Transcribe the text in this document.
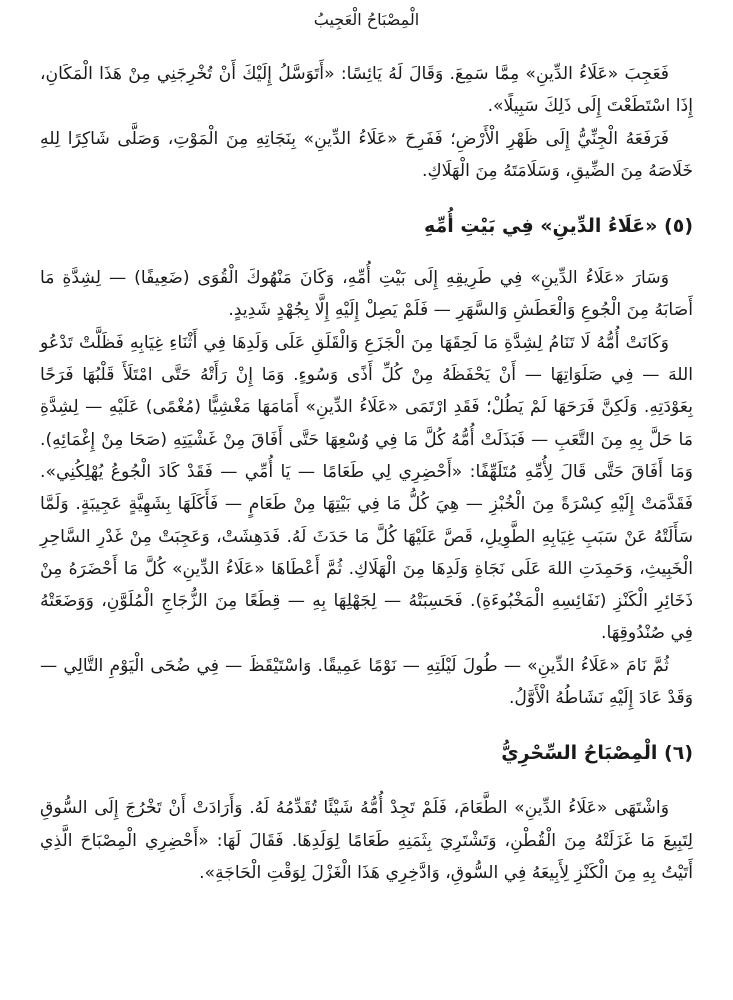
الْمِصْبَاحُ الْعَجِيبُ

فَعَجِبَ «عَلَاءُ الدِّينِ» مِمَّا سَمِعَ. وَقَالَ لَهُ يَائِسًا: «أَتَوَسَّلُ إِلَيْكَ أَنْ تُخْرِجَنِي مِنْ هَذَا الْمَكَانِ، إِذَا اسْتَطَعْتَ إِلَى ذَلِكَ سَبِيلًا».

فَرَفَعَهُ الْجِنِّيُّ إِلَى ظَهْرِ الْأَرْضِ؛ فَفَرِحَ «عَلَاءُ الدِّينِ» بِنَجَاتِهِ مِنَ الْمَوْتِ، وَصَلَّى شَاكِرًا لِلهِ خَلَاصَهُ مِنَ الضِّيقِ، وَسَلَامَتَهُ مِنَ الْهَلَاكِ.

(٥) «عَلَاءُ الدِّينِ» فِي بَيْتِ أُمِّهِ

وَسَارَ «عَلَاءُ الدِّينِ» فِي طَرِيقِهِ إِلَى بَيْتِ أُمِّهِ، وَكَانَ مَنْهُوكَ الْقُوَى (ضَعِيفًا) — لِشِدَّةِ مَا أَصَابَهُ مِنَ الْجُوعِ وَالْعَطَشِ وَالسَّهَرِ — فَلَمْ يَصِلْ إِلَيْهِ إِلَّا بِجُهْدٍ شَدِيدٍ.

وَكَانَتْ أُمُّهُ لَا تَنَامُ لِشِدَّةِ مَا لَحِقَهَا مِنَ الْجَزَعِ وَالْقَلَقِ عَلَى وَلَدِهَا فِي أَثْنَاءِ غِيَابِهِ فَظَلَّتْ تَدْعُو اللهَ — فِي صَلَوَاتِهَا — أَنْ يَحْفَظَهُ مِنْ كُلِّ أَذًى وَسُوءٍ. وَمَا إِنْ رَأَتْهُ حَتَّى امْتَلَأَ قَلْبُهَا فَرَحًا بِعَوْدَتِهِ. وَلَكِنَّ فَرَحَهَا لَمْ يَطُلْ؛ فَقَدِ ارْتَمَى «عَلَاءُ الدِّينِ» أَمَامَهَا مَغْشِيًّا (مُغْمًى) عَلَيْهِ — لِشِدَّةِ مَا حَلَّ بِهِ مِنَ التَّعَبِ — فَبَذَلَتْ أُمُّهُ كُلَّ مَا فِي وُسْعِهَا حَتَّى أَفَاقَ مِنْ غَشْيَتِهِ (صَحَا مِنْ إِغْمَائِهِ). وَمَا أَفَاقَ حَتَّى قَالَ لِأُمِّهِ مُتَلَهِّفًا: «أَحْضِرِي لِي طَعَامًا — يَا أُمِّي — فَقَدْ كَادَ الْجُوعُ يُهْلِكُنِي». فَقَدَّمَتْ إِلَيْهِ كِسْرَةً مِنَ الْخُبْزِ — هِيَ كُلُّ مَا فِي بَيْتِهَا مِنْ طَعَامٍ — فَأَكَلَهَا بِشَهِيَّةٍ عَجِيبَةٍ. وَلَمَّا سَأَلَتْهُ عَنْ سَبَبِ غِيَابِهِ الطَّوِيلِ، قَصَّ عَلَيْهَا كُلَّ مَا حَدَثَ لَهُ. فَدَهِشَتْ، وَعَجِبَتْ مِنْ غَدْرِ السَّاحِرِ الْخَبِيثِ، وَحَمِدَتِ اللهَ عَلَى نَجَاةِ وَلَدِهَا مِنَ الْهَلَاكِ. ثُمَّ أَعْطَاهَا «عَلَاءُ الدِّينِ» كُلَّ مَا أَحْضَرَهُ مِنْ ذَخَائِرِ الْكَنْزِ (نَفَائِسِهِ الْمَخْبُوءَةِ). فَحَسِبَتْهُ — لِجَهْلِهَا بِهِ — قِطَعًا مِنَ الزُّجَاجِ الْمُلَوَّنِ، وَوَضَعَتْهُ فِي صُنْدُوقِهَا.

ثُمَّ نَامَ «عَلَاءُ الدِّينِ» — طُولَ لَيْلَتِهِ — نَوْمًا عَمِيقًا. وَاسْتَيْقَظَ — فِي ضُحَى الْيَوْمِ التَّالِي — وَقَدْ عَادَ إِلَيْهِ نَشَاطُهُ الْأَوَّلُ.

(٦) الْمِصْبَاحُ السِّحْرِيُّ

وَاشْتَهَى «عَلَاءُ الدِّينِ» الطَّعَامَ، فَلَمْ تَجِدْ أُمُّهُ شَيْئًا تُقَدِّمُهُ لَهُ. وَأَرَادَتْ أَنْ تَخْرُجَ إِلَى السُّوقِ لِتَبِيعَ مَا غَزَلَتْهُ مِنَ الْقُطْنِ، وَتَشْتَرِيَ بِثَمَنِهِ طَعَامًا لِوَلَدِهَا. فَقَالَ لَهَا: «أَحْضِرِي الْمِصْبَاحَ الَّذِي أَتَيْتُ بِهِ مِنَ الْكَنْزِ لِأَبِيعَهُ فِي السُّوقِ، وَادَّخِرِي هَذَا الْغَزْلَ لِوَقْتِ الْحَاجَةِ».
